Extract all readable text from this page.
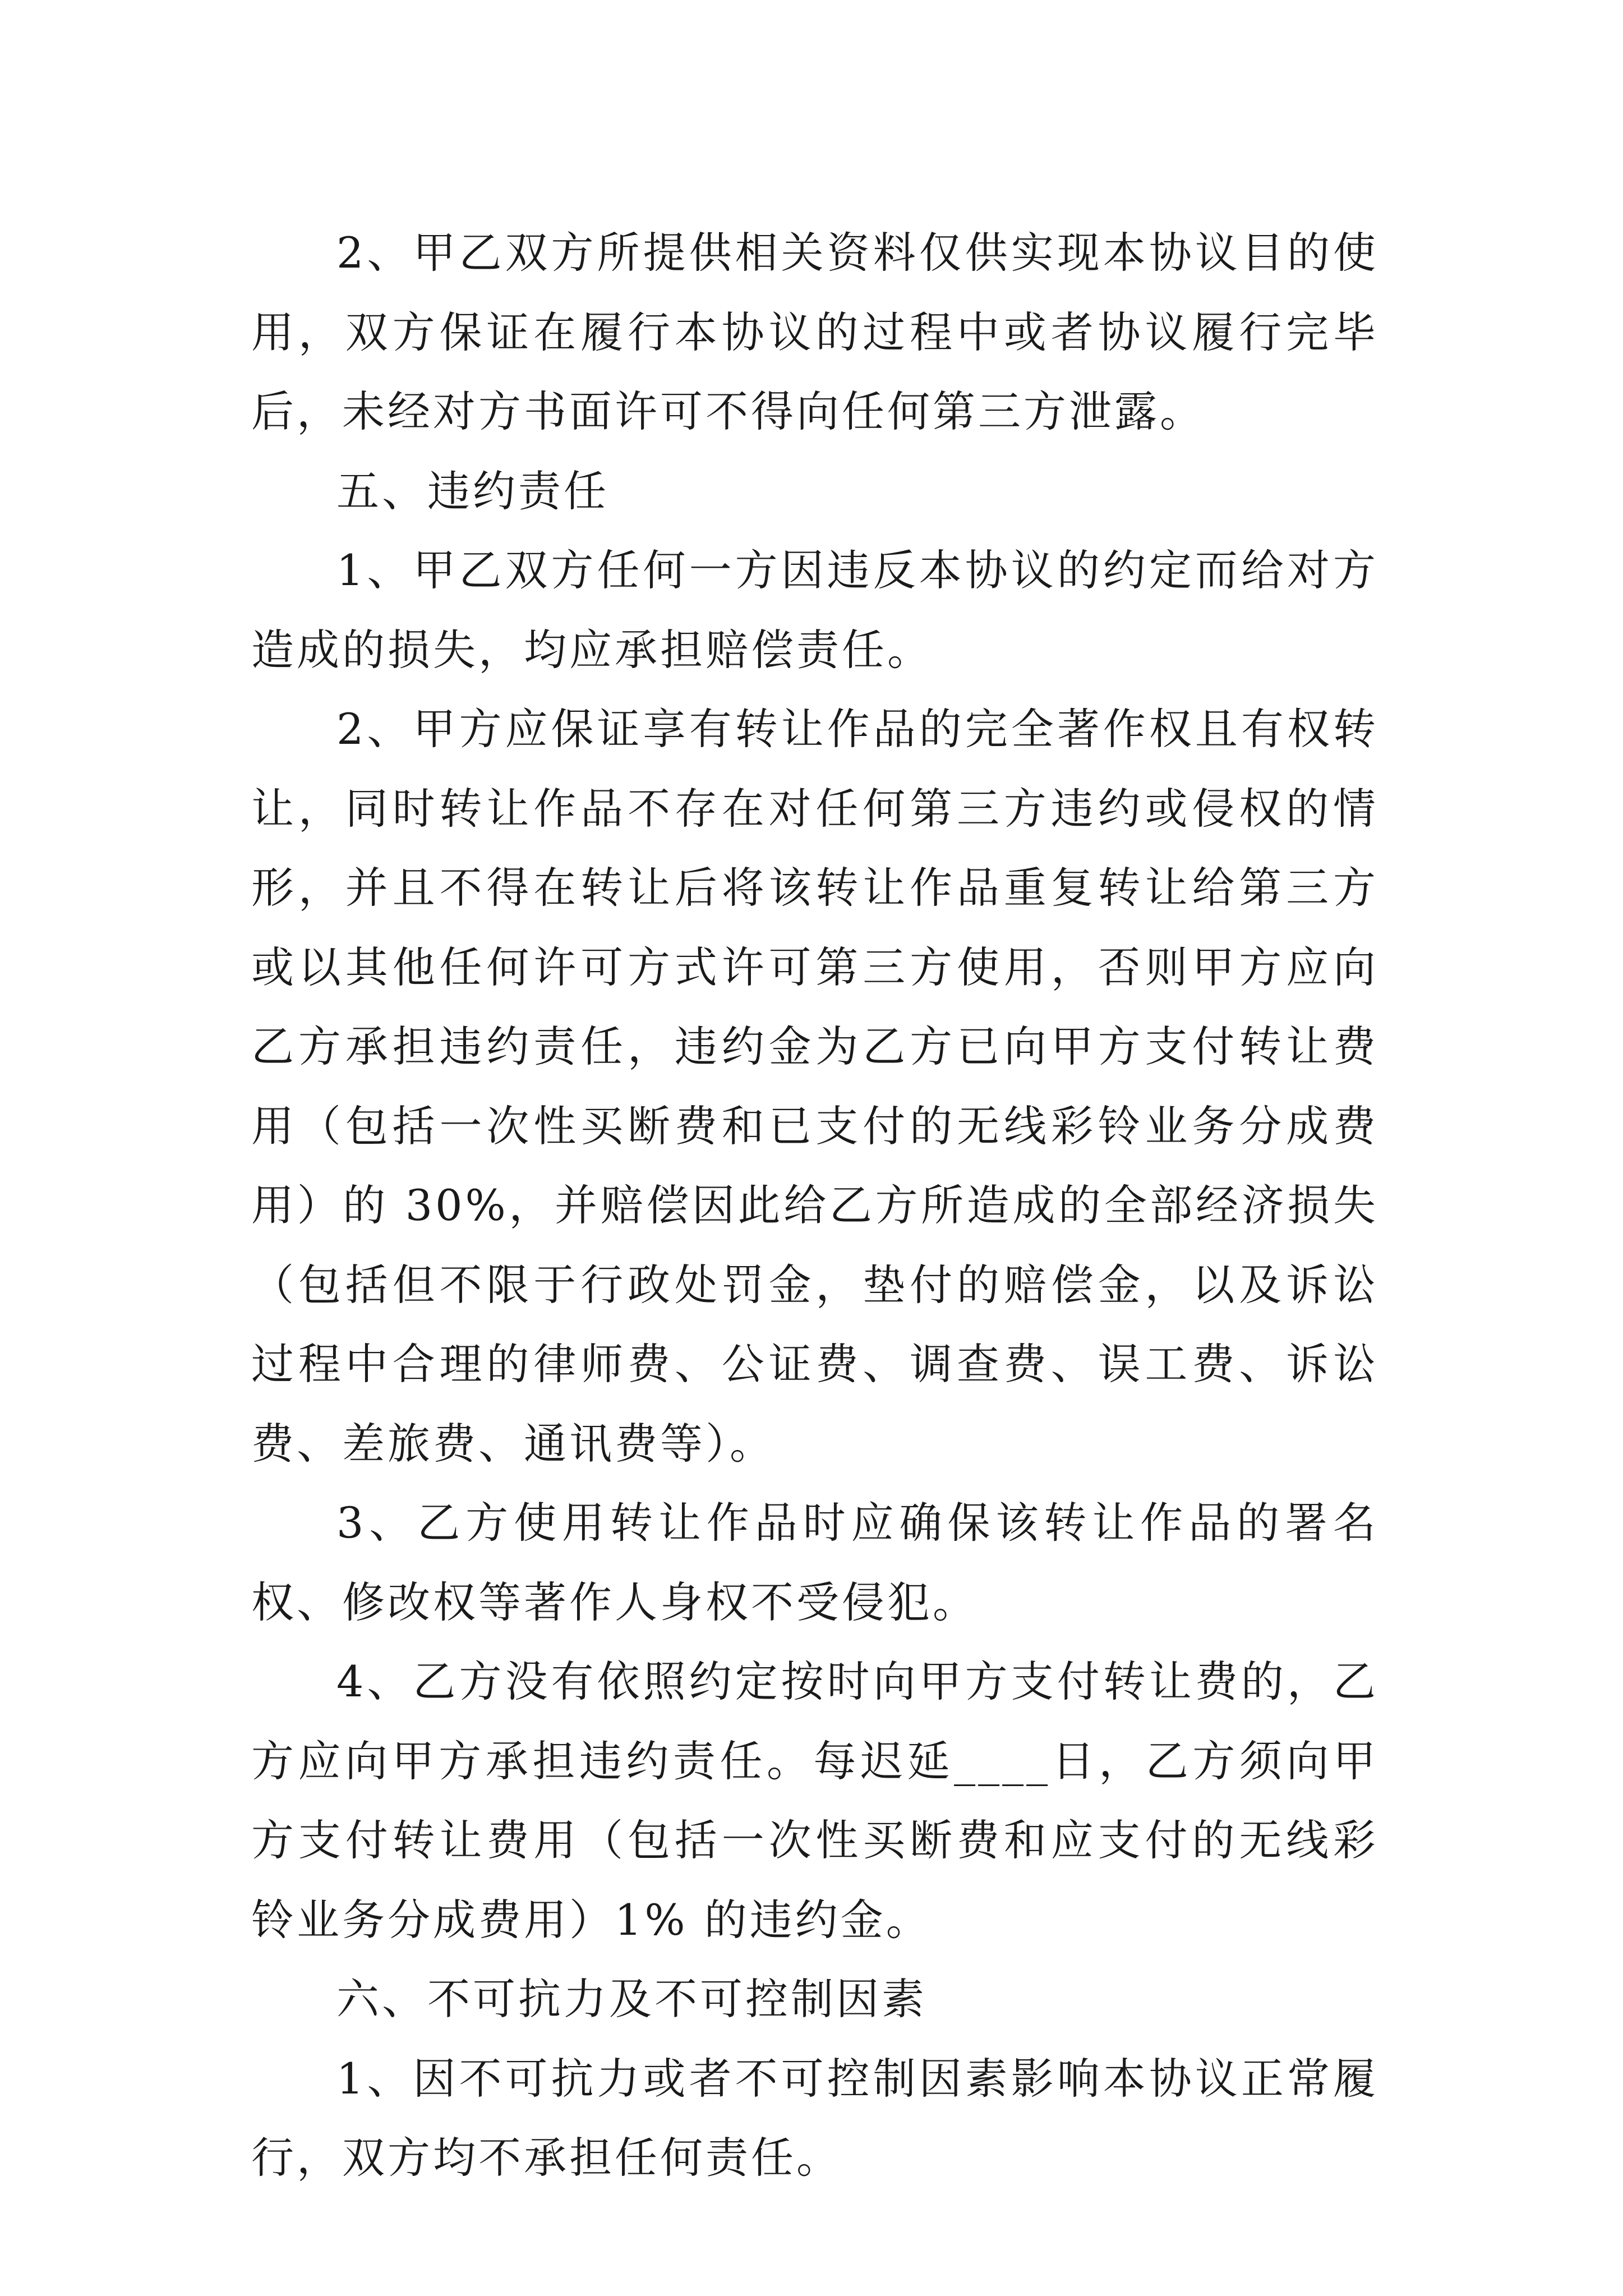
2、甲乙双方所提供相关资料仅供实现本协议目的使用，双方保证在履行本协议的过程中或者协议履行完毕后，未经对方书面许可不得向任何第三方泄露。

五、违约责任

1、甲乙双方任何一方因违反本协议的约定而给对方造成的损失，均应承担赔偿责任。

2、甲方应保证享有转让作品的完全著作权且有权转让，同时转让作品不存在对任何第三方违约或侵权的情形，并且不得在转让后将该转让作品重复转让给第三方或以其他任何许可方式许可第三方使用，否则甲方应向乙方承担违约责任，违约金为乙方已向甲方支付转让费用（包括一次性买断费和已支付的无线彩铃业务分成费用）的 30%，并赔偿因此给乙方所造成的全部经济损失（包括但不限于行政处罚金，垫付的赔偿金，以及诉讼过程中合理的律师费、公证费、调查费、误工费、诉讼费、差旅费、通讯费等）。

3、乙方使用转让作品时应确保该转让作品的署名权、修改权等著作人身权不受侵犯。

4、乙方没有依照约定按时向甲方支付转让费的，乙方应向甲方承担违约责任。每迟延____日，乙方须向甲方支付转让费用（包括一次性买断费和应支付的无线彩铃业务分成费用）1% 的违约金。

六、不可抗力及不可控制因素

1、因不可抗力或者不可控制因素影响本协议正常履行，双方均不承担任何责任。
